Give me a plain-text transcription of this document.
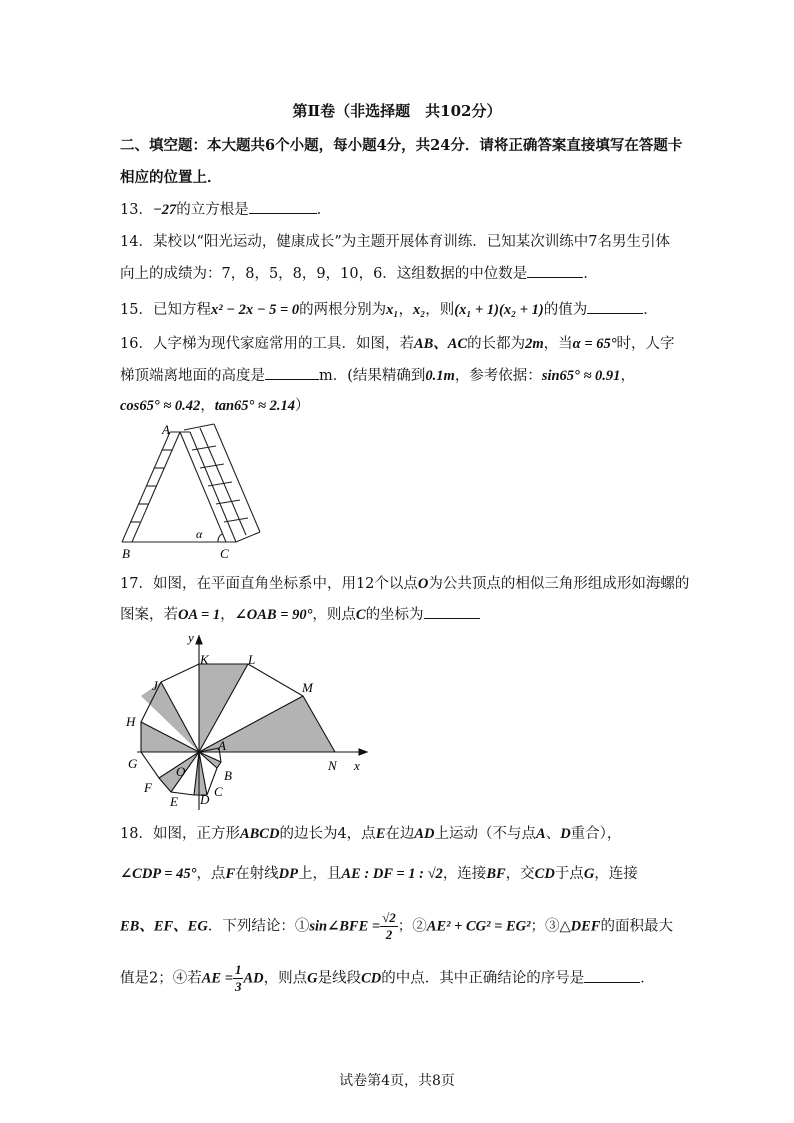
第Ⅱ卷（非选择题　共102分）
二、填空题：本大题共6个小题，每小题4分，共24分．请将正确答案直接填写在答题卡
相应的位置上．
13．−27的立方根是	．
14．某校以“阳光运动，健康成长”为主题开展体育训练．已知某次训练中7名男生引体
向上的成绩为：7，8，5，8，9，10，6．这组数据的中位数是	．
15．已知方程x² − 2x − 5 = 0的两根分别为x₁，x₂，则(x₁ + 1)(x₂ + 1)的值为	．
16．人字梯为现代家庭常用的工具．如图，若AB、AC的长都为2m，当α = 65°时，人字
梯顶端离地面的高度是	m．(结果精确到0.1m，参考依据：sin65° ≈ 0.91，
cos65° ≈ 0.42，tan65° ≈ 2.14）
A
B	C
α
17．如图，在平面直角坐标系中，用12个以点O为公共顶点的相似三角形组成形如海螺的
图案，若OA = 1，∠OAB = 90°，则点C的坐标为
y
x
K	L
M
J
H
G
A
N
O	B
F	C
E D
18．如图，正方形ABCD的边长为4，点E在边AD上运动（不与点A、D重合），
∠CDP = 45°，点F在射线DP上，且AE : DF = 1 : √2，连接BF，交CD于点G，连接
EB、EF、EG．下列结论：①sin∠BFE = $\frac{√2}{2}$ ；②AE² + CG² = EG²；③△DEF的面积最大
值是2；④若AE = $\frac{1}{3}$ AD，则点G是线段CD的中点．其中正确结论的序号是	．
试卷第4页，共8页
